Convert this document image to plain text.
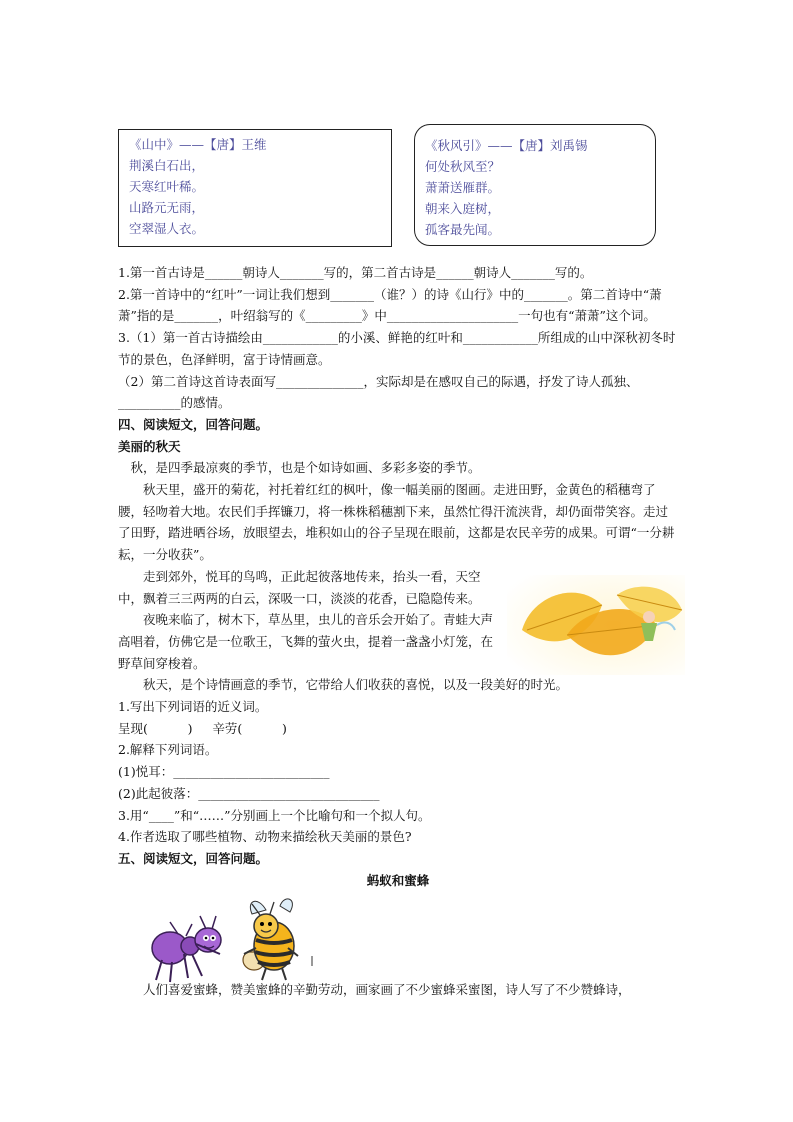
《山中》——【唐】王维
荆溪白石出，
天寒红叶稀。
山路元无雨，
空翠湿人衣。
《秋风引》——【唐】刘禹锡
何处秋风至？
萧萧送雁群。
朝来入庭树，
孤客最先闻。

1.第一首古诗是______朝诗人_______写的，第二首古诗是______朝诗人_______写的。

2.第一首诗中的“红叶”一词让我们想到_______（谁？）的诗《山行》中的_______。第二首诗中“萧萧”指的是_______，叶绍翁写的《_________》中_____________________一句也有“萧萧”这个词。

3.（1）第一首古诗描绘由____________的小溪、鲜艳的红叶和____________所组成的山中深秋初冬时节的景色，色泽鲜明，富于诗情画意。

（2）第二首诗这首诗表面写______________，实际却是在感叹自己的际遇，抒发了诗人孤独、__________的感情。

四、阅读短文，回答问题。

美丽的秋天

秋，是四季最凉爽的季节，也是个如诗如画、多彩多姿的季节。

秋天里，盛开的菊花，衬托着红红的枫叶，像一幅美丽的图画。走进田野，金黄色的稻穗弯了腰，轻吻着大地。农民们手挥镰刀，将一株株稻穗割下来，虽然忙得汗流浃背，却仍面带笑容。走过了田野，踏进晒谷场，放眼望去，堆积如山的谷子呈现在眼前，这都是农民辛劳的成果。可谓“一分耕耘，一分收获”。

走到郊外，悦耳的鸟鸣，正此起彼落地传来，抬头一看，天空中，飘着三三两两的白云，深吸一口，淡淡的花香，已隐隐传来。

夜晚来临了，树木下，草丛里，虫儿的音乐会开始了。青蛙大声高唱着，仿佛它是一位歌王，飞舞的萤火虫，提着一盏盏小灯笼，在野草间穿梭着。

秋天，是个诗情画意的季节，它带给人们收获的喜悦，以及一段美好的时光。

1.写出下列词语的近义词。

呈现(          )     辛劳(          )

2.解释下列词语。

(1)悦耳：_________________________

(2)此起彼落：_____________________________

3.用“____”和“……”分别画上一个比喻句和一个拟人句。

4.作者选取了哪些植物、动物来描绘秋天美丽的景色?

五、阅读短文，回答问题。

蚂蚁和蜜蜂

人们喜爱蜜蜂，赞美蜜蜂的辛勤劳动，画家画了不少蜜蜂采蜜图，诗人写了不少赞蜂诗，
